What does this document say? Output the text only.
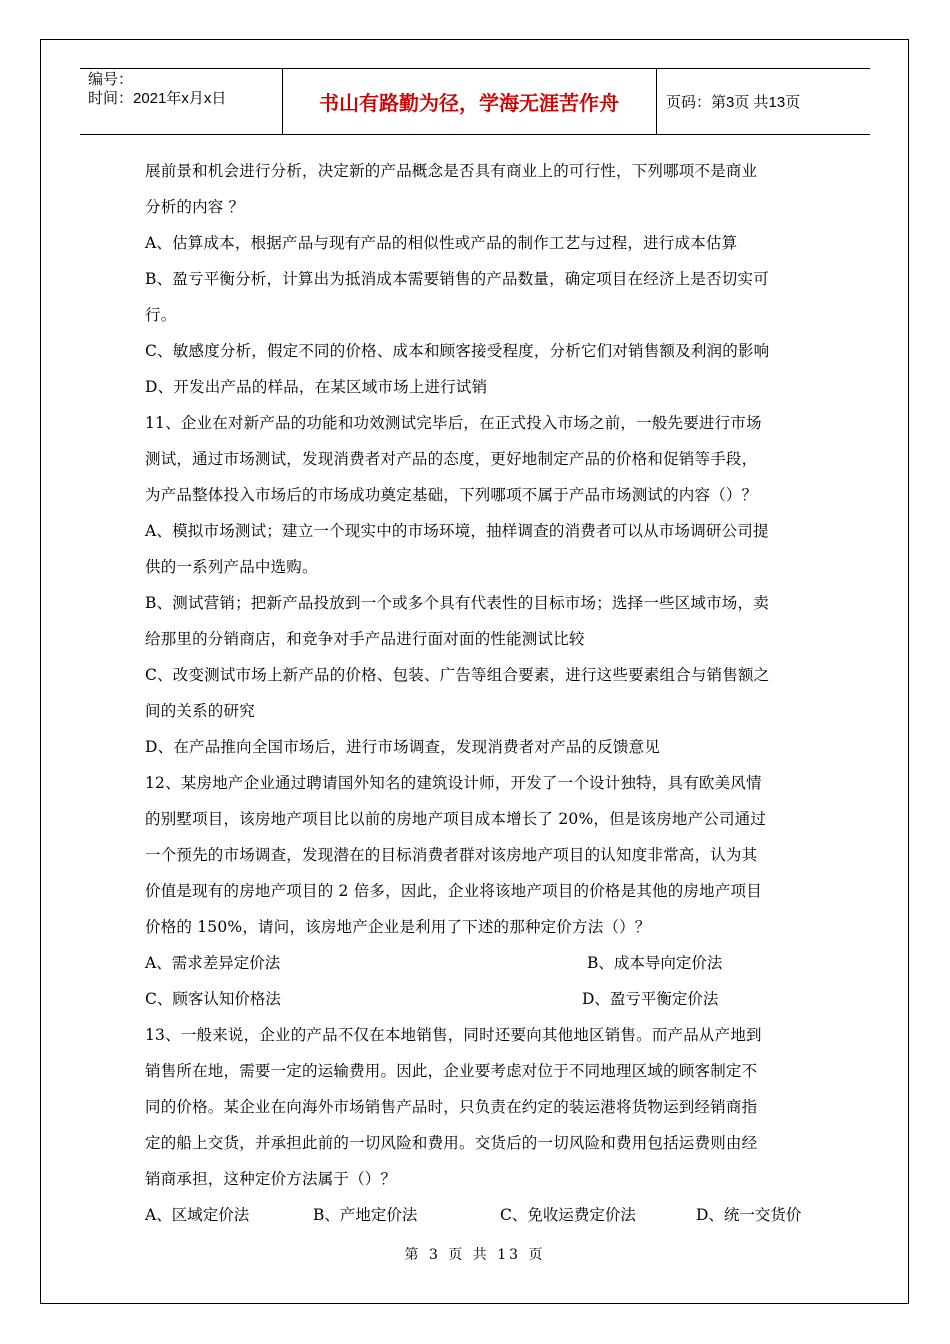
编号：
时间：2021年x月x日	书山有路勤为径，学海无涯苦作舟	页码：第3页 共13页
展前景和机会进行分析，决定新的产品概念是否具有商业上的可行性，下列哪项不是商业
分析的内容 ？
A、估算成本，根据产品与现有产品的相似性或产品的制作工艺与过程，进行成本估算
B、盈亏平衡分析，计算出为抵消成本需要销售的产品数量，确定项目在经济上是否切实可
行。
C、敏感度分析，假定不同的价格、成本和顾客接受程度，分析它们对销售额及利润的影响
D、开发出产品的样品，在某区域市场上进行试销
11、企业在对新产品的功能和功效测试完毕后，在正式投入市场之前，一般先要进行市场
测试，通过市场测试，发现消费者对产品的态度，更好地制定产品的价格和促销等手段，
为产品整体投入市场后的市场成功奠定基础，下列哪项不属于产品市场测试的内容（）？
A、模拟市场测试；建立一个现实中的市场环境，抽样调查的消费者可以从市场调研公司提
供的一系列产品中选购。
B、测试营销；把新产品投放到一个或多个具有代表性的目标市场；选择一些区域市场，卖
给那里的分销商店，和竞争对手产品进行面对面的性能测试比较
C、改变测试市场上新产品的价格、包装、广告等组合要素，进行这些要素组合与销售额之
间的关系的研究
D、在产品推向全国市场后，进行市场调查，发现消费者对产品的反馈意见
12、某房地产企业通过聘请国外知名的建筑设计师，开发了一个设计独特，具有欧美风情
的别墅项目，该房地产项目比以前的房地产项目成本增长了 20%，但是该房地产公司通过
一个预先的市场调查，发现潜在的目标消费者群对该房地产项目的认知度非常高，认为其
价值是现有的房地产项目的 2 倍多，因此，企业将该地产项目的价格是其他的房地产项目
价格的 150%，请问，该房地产企业是利用了下述的那种定价方法（）？
A、需求差异定价法	B、成本导向定价法
C、顾客认知价格法	D、盈亏平衡定价法
13、一般来说，企业的产品不仅在本地销售，同时还要向其他地区销售。而产品从产地到
销售所在地，需要一定的运输费用。因此，企业要考虑对位于不同地理区域的顾客制定不
同的价格。某企业在向海外市场销售产品时，只负责在约定的装运港将货物运到经销商指
定的船上交货，并承担此前的一切风险和费用。交货后的一切风险和费用包括运费则由经
销商承担，这种定价方法属于（）？
A、区域定价法	B、产地定价法	C、免收运费定价法	D、统一交货价
第 3 页 共 13 页
